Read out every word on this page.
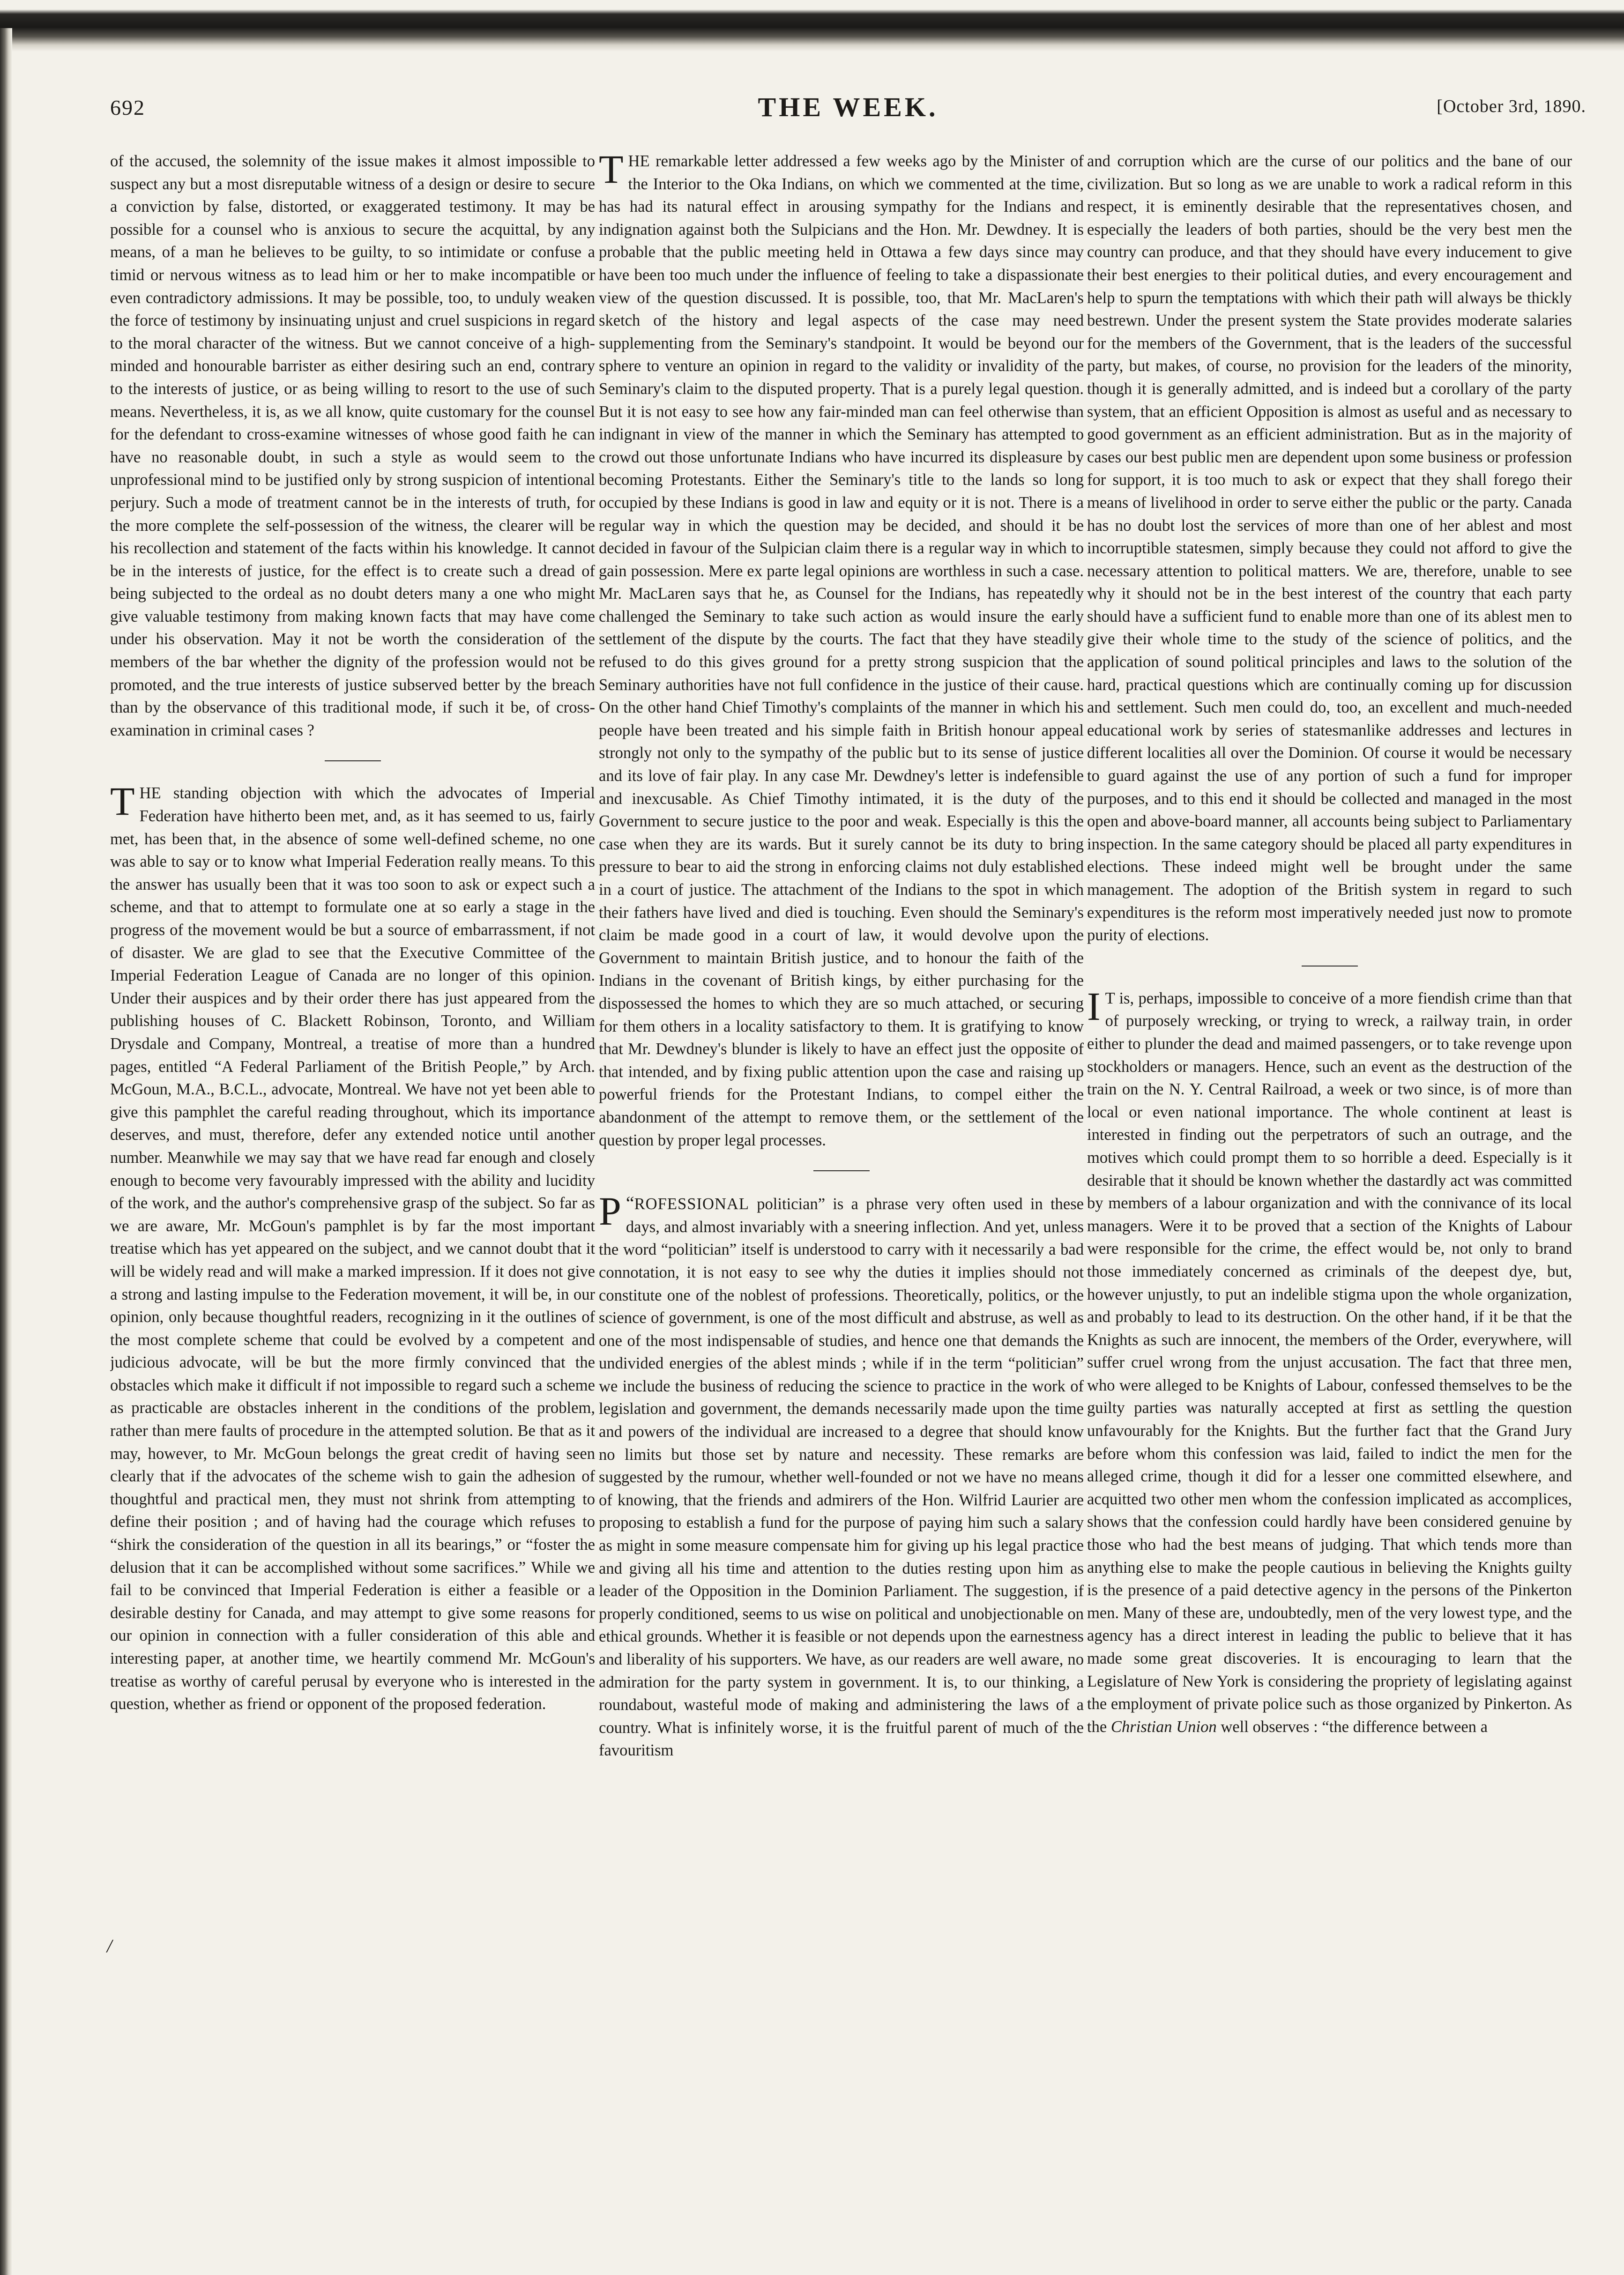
THE WEEK.
692	[October 3rd, 1890.

of the accused, the solemnity of the issue makes it almost impossible to suspect any but a most disreputable witness of a design or desire to secure a conviction by false, distorted, or exaggerated testimony. It may be possible for a counsel who is anxious to secure the acquittal, by any means, of a man he believes to be guilty, to so intimidate or confuse a timid or nervous witness as to lead him or her to make incompatible or even contradictory admissions. It may be possible, too, to unduly weaken the force of testimony by insinuating unjust and cruel suspicions in regard to the moral character of the witness. But we cannot conceive of a high-minded and honourable barrister as either desiring such an end, contrary to the interests of justice, or as being willing to resort to the use of such means. Nevertheless, it is, as we all know, quite customary for the counsel for the defendant to cross-examine witnesses of whose good faith he can have no reasonable doubt, in such a style as would seem to the unprofessional mind to be justified only by strong suspicion of intentional perjury. Such a mode of treatment cannot be in the interests of truth, for the more complete the self-possession of the witness, the clearer will be his recollection and statement of the facts within his knowledge. It cannot be in the interests of justice, for the effect is to create such a dread of being subjected to the ordeal as no doubt deters many a one who might give valuable testimony from making known facts that may have come under his observation. May it not be worth the consideration of the members of the bar whether the dignity of the profession would not be promoted, and the true interests of justice subserved better by the breach than by the observance of this traditional mode, if such it be, of cross-examination in criminal cases ?

THE standing objection with which the advocates of Imperial Federation have hitherto been met, and, as it has seemed to us, fairly met, has been that, in the absence of some well-defined scheme, no one was able to say or to know what Imperial Federation really means. To this the answer has usually been that it was too soon to ask or expect such a scheme, and that to attempt to formulate one at so early a stage in the progress of the movement would be but a source of embarrassment, if not of disaster. We are glad to see that the Executive Committee of the Imperial Federation League of Canada are no longer of this opinion. Under their auspices and by their order there has just appeared from the publishing houses of C. Blackett Robinson, Toronto, and William Drysdale and Company, Montreal, a treatise of more than a hundred pages, entitled “A Federal Parliament of the British People,” by Arch. McGoun, M.A., B.C.L., advocate, Montreal. We have not yet been able to give this pamphlet the careful reading throughout, which its importance deserves, and must, therefore, defer any extended notice until another number. Meanwhile we may say that we have read far enough and closely enough to become very favourably impressed with the ability and lucidity of the work, and the author's comprehensive grasp of the subject. So far as we are aware, Mr. McGoun's pamphlet is by far the most important treatise which has yet appeared on the subject, and we cannot doubt that it will be widely read and will make a marked impression. If it does not give a strong and lasting impulse to the Federation movement, it will be, in our opinion, only because thoughtful readers, recognizing in it the outlines of the most complete scheme that could be evolved by a competent and judicious advocate, will be but the more firmly convinced that the obstacles which make it difficult if not impossible to regard such a scheme as practicable are obstacles inherent in the conditions of the problem, rather than mere faults of procedure in the attempted solution. Be that as it may, however, to Mr. McGoun belongs the great credit of having seen clearly that if the advocates of the scheme wish to gain the adhesion of thoughtful and practical men, they must not shrink from attempting to define their position ; and of having had the courage which refuses to “shirk the consideration of the question in all its bearings,” or “foster the delusion that it can be accomplished without some sacrifices.” While we fail to be convinced that Imperial Federation is either a feasible or a desirable destiny for Canada, and may attempt to give some reasons for our opinion in connection with a fuller consideration of this able and interesting paper, at another time, we heartily commend Mr. McGoun's treatise as worthy of careful perusal by everyone who is interested in the question, whether as friend or opponent of the proposed federation.

/

THE remarkable letter addressed a few weeks ago by the Minister of the Interior to the Oka Indians, on which we commented at the time, has had its natural effect in arousing sympathy for the Indians and indignation against both the Sulpicians and the Hon. Mr. Dewdney. It is probable that the public meeting held in Ottawa a few days since may have been too much under the influence of feeling to take a dispassionate view of the question discussed. It is possible, too, that Mr. MacLaren's sketch of the history and legal aspects of the case may need supplementing from the Seminary's standpoint. It would be beyond our sphere to venture an opinion in regard to the validity or invalidity of the Seminary's claim to the disputed property. That is a purely legal question. But it is not easy to see how any fair-minded man can feel otherwise than indignant in view of the manner in which the Seminary has attempted to crowd out those unfortunate Indians who have incurred its displeasure by becoming Protestants. Either the Seminary's title to the lands so long occupied by these Indians is good in law and equity or it is not. There is a regular way in which the question may be decided, and should it be decided in favour of the Sulpician claim there is a regular way in which to gain possession. Mere ex parte legal opinions are worthless in such a case. Mr. MacLaren says that he, as Counsel for the Indians, has repeatedly challenged the Seminary to take such action as would insure the early settlement of the dispute by the courts. The fact that they have steadily refused to do this gives ground for a pretty strong suspicion that the Seminary authorities have not full confidence in the justice of their cause. On the other hand Chief Timothy's complaints of the manner in which his people have been treated and his simple faith in British honour appeal strongly not only to the sympathy of the public but to its sense of justice and its love of fair play. In any case Mr. Dewdney's letter is indefensible and inexcusable. As Chief Timothy intimated, it is the duty of the Government to secure justice to the poor and weak. Especially is this the case when they are its wards. But it surely cannot be its duty to bring pressure to bear to aid the strong in enforcing claims not duly established in a court of justice. The attachment of the Indians to the spot in which their fathers have lived and died is touching. Even should the Seminary's claim be made good in a court of law, it would devolve upon the Government to maintain British justice, and to honour the faith of the Indians in the covenant of British kings, by either purchasing for the dispossessed the homes to which they are so much attached, or securing for them others in a locality satisfactory to them. It is gratifying to know that Mr. Dewdney's blunder is likely to have an effect just the opposite of that intended, and by fixing public attention upon the case and raising up powerful friends for the Protestant Indians, to compel either the abandonment of the attempt to remove them, or the settlement of the question by proper legal processes.

“
P ROFESSIONAL politician” is a phrase very often used in these days, and almost invariably with a sneering inflection. And yet, unless the word “politician” itself is understood to carry with it necessarily a bad connotation, it is not easy to see why the duties it implies should not constitute one of the noblest of professions. Theoretically, politics, or the science of government, is one of the most difficult and abstruse, as well as one of the most indispensable of studies, and hence one that demands the undivided energies of the ablest minds ; while if in the term “politician” we include the business of reducing the science to practice in the work of legislation and government, the demands necessarily made upon the time and powers of the individual are increased to a degree that should know no limits but those set by nature and necessity. These remarks are suggested by the rumour, whether well-founded or not we have no means of knowing, that the friends and admirers of the Hon. Wilfrid Laurier are proposing to establish a fund for the purpose of paying him such a salary as might in some measure compensate him for giving up his legal practice and giving all his time and attention to the duties resting upon him as leader of the Opposition in the Dominion Parliament. The suggestion, if properly conditioned, seems to us wise on political and unobjectionable on ethical grounds. Whether it is feasible or not depends upon the earnestness and liberality of his supporters. We have, as our readers are well aware, no admiration for the party system in government. It is, to our thinking, a roundabout, wasteful mode of making and administering the laws of a country. What is infinitely worse, it is the fruitful parent of much of the favouritism

and corruption which are the curse of our politics and the bane of our civilization. But so long as we are unable to work a radical reform in this respect, it is eminently desirable that the representatives chosen, and especially the leaders of both parties, should be the very best men the country can produce, and that they should have every inducement to give their best energies to their political duties, and every encouragement and help to spurn the temptations with which their path will always be thickly bestrewn. Under the present system the State provides moderate salaries for the members of the Government, that is the leaders of the successful party, but makes, of course, no provision for the leaders of the minority, though it is generally admitted, and is indeed but a corollary of the party system, that an efficient Opposition is almost as useful and as necessary to good government as an efficient administration. But as in the majority of cases our best public men are dependent upon some business or profession for support, it is too much to ask or expect that they shall forego their means of livelihood in order to serve either the public or the party. Canada has no doubt lost the services of more than one of her ablest and most incorruptible statesmen, simply because they could not afford to give the necessary attention to political matters. We are, therefore, unable to see why it should not be in the best interest of the country that each party should have a sufficient fund to enable more than one of its ablest men to give their whole time to the study of the science of politics, and the application of sound political principles and laws to the solution of the hard, practical questions which are continually coming up for discussion and settlement. Such men could do, too, an excellent and much-needed educational work by series of statesmanlike addresses and lectures in different localities all over the Dominion. Of course it would be necessary to guard against the use of any portion of such a fund for improper purposes, and to this end it should be collected and managed in the most open and above-board manner, all accounts being subject to Parliamentary inspection. In the same category should be placed all party expenditures in elections. These indeed might well be brought under the same management. The adoption of the British system in regard to such expenditures is the reform most imperatively needed just now to promote purity of elections.

I T is, perhaps, impossible to conceive of a more fiendish crime than that of purposely wrecking, or trying to wreck, a railway train, in order either to plunder the dead and maimed passengers, or to take revenge upon stockholders or managers. Hence, such an event as the destruction of the train on the N. Y. Central Railroad, a week or two since, is of more than local or even national importance. The whole continent at least is interested in finding out the perpetrators of such an outrage, and the motives which could prompt them to so horrible a deed. Especially is it desirable that it should be known whether the dastardly act was committed by members of a labour organization and with the connivance of its local managers. Were it to be proved that a section of the Knights of Labour were responsible for the crime, the effect would be, not only to brand those immediately concerned as criminals of the deepest dye, but, however unjustly, to put an indelible stigma upon the whole organization, and probably to lead to its destruction. On the other hand, if it be that the Knights as such are innocent, the members of the Order, everywhere, will suffer cruel wrong from the unjust accusation. The fact that three men, who were alleged to be Knights of Labour, confessed themselves to be the guilty parties was naturally accepted at first as settling the question unfavourably for the Knights. But the further fact that the Grand Jury before whom this confession was laid, failed to indict the men for the alleged crime, though it did for a lesser one committed elsewhere, and acquitted two other men whom the confession implicated as accomplices, shows that the confession could hardly have been considered genuine by those who had the best means of judging. That which tends more than anything else to make the people cautious in believing the Knights guilty is the presence of a paid detective agency in the persons of the Pinkerton men. Many of these are, undoubtedly, men of the very lowest type, and the agency has a direct interest in leading the public to believe that it has made some great discoveries. It is encouraging to learn that the Legislature of New York is considering the propriety of legislating against the employment of private police such as those organized by Pinkerton. As the Christian Union well observes : “the difference between a
